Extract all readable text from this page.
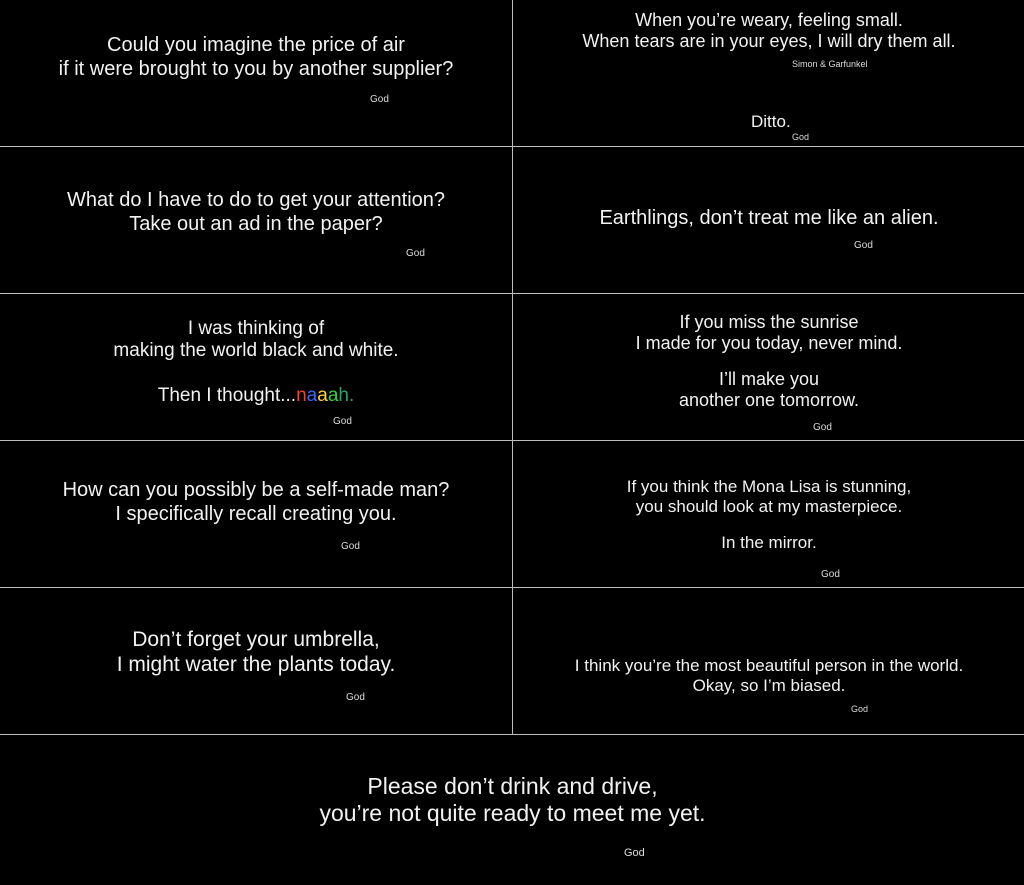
Could you imagine the price of air
if it were brought to you by another supplier?
God
When you’re weary, feeling small.
When tears are in your eyes, I will dry them all.
Simon & Garfunkel
Ditto.
God
What do I have to do to get your attention?
Take out an ad in the paper?
God
Earthlings, don’t treat me like an alien.
God
I was thinking of
making the world black and white.
Then I thought...naaah.
God
If you miss the sunrise
I made for you today, never mind.
I’ll make you
another one tomorrow.
God
How can you possibly be a self-made man?
I specifically recall creating you.
God
If you think the Mona Lisa is stunning,
you should look at my masterpiece.
In the mirror.
God
Don’t forget your umbrella,
I might water the plants today.
God
I think you’re the most beautiful person in the world.
Okay, so I’m biased.
God
Please don’t drink and drive,
you’re not quite ready to meet me yet.
God
